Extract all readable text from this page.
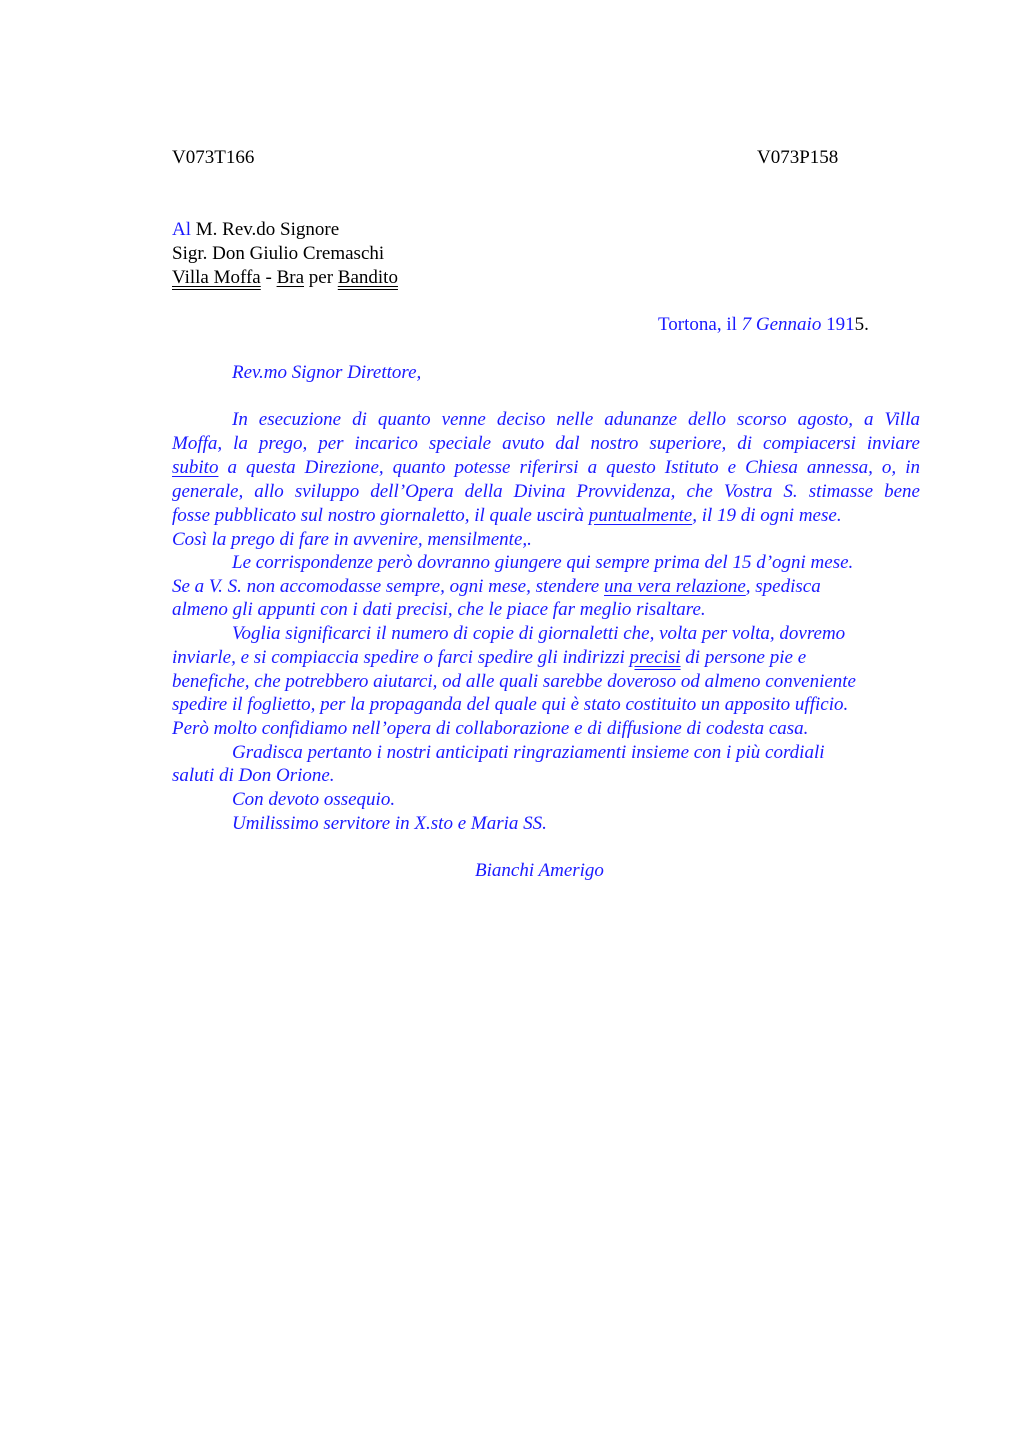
V073T166	V073P158
Al M. Rev.do Signore
Sigr. Don Giulio Cremaschi
Villa Moffa - Bra per Bandito
Tortona, il 7 Gennaio 1915.
Rev.mo Signor Direttore,
In esecuzione di quanto venne deciso nelle adunanze dello scorso agosto, a Villa
Moffa, la prego, per incarico speciale avuto dal nostro superiore, di compiacersi inviare
subito a questa Direzione, quanto potesse riferirsi a questo Istituto e Chiesa annessa, o, in
generale, allo sviluppo dell’Opera della Divina Provvidenza, che Vostra S. stimasse bene
fosse pubblicato sul nostro giornaletto, il quale uscirà puntualmente, il 19 di ogni mese.
Così la prego di fare in avvenire, mensilmente,.
Le corrispondenze però dovranno giungere qui sempre prima del 15 d’ogni mese.
Se a V. S. non accomodasse sempre, ogni mese, stendere una vera relazione, spedisca
almeno gli appunti con i dati precisi, che le piace far meglio risaltare.
Voglia significarci il numero di copie di giornaletti che, volta per volta, dovremo
inviarle, e si compiaccia spedire o farci spedire gli indirizzi precisi di persone pie e
benefiche, che potrebbero aiutarci, od alle quali sarebbe doveroso od almeno conveniente
spedire il foglietto, per la propaganda del quale qui è stato costituito un apposito ufficio.
Però molto confidiamo nell’opera di collaborazione e di diffusione di codesta casa.
Gradisca pertanto i nostri anticipati ringraziamenti insieme con i più cordiali
saluti di Don Orione.
Con devoto ossequio.
Umilissimo servitore in X.sto e Maria SS.
Bianchi Amerigo
